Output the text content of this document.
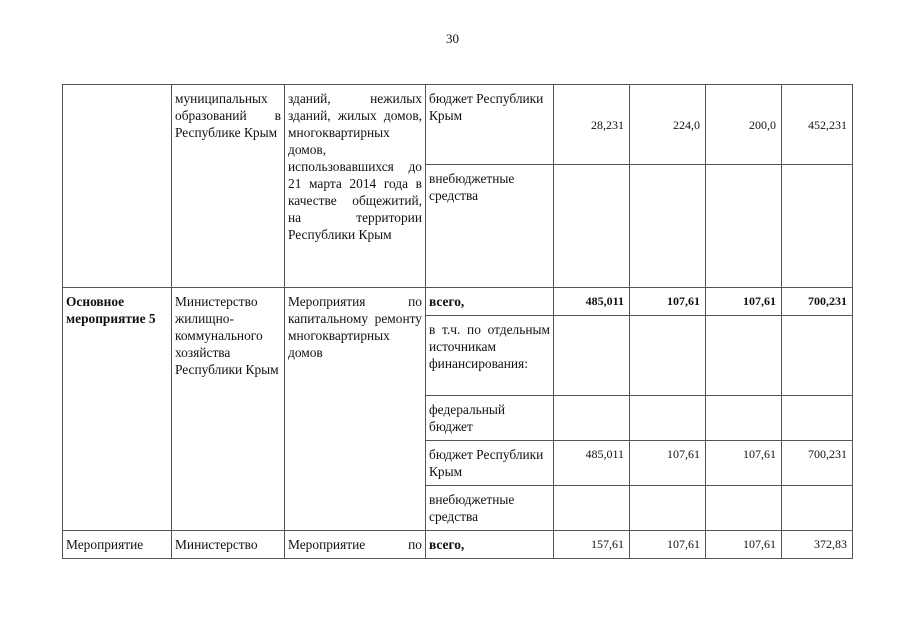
30
	муниципальных образований в Республике Крым	зданий, нежилых зданий, жилых домов, многоквартирных домов, использовавшихся до 21 марта 2014 года в качестве общежитий, на территории Республики Крым	бюджет Республики Крым	28,231	224,0	200,0	452,231
			внебюджетные средства				
Основное мероприятие 5	Министерство жилищно-коммунального хозяйства Республики Крым	Мероприятия по капитальному ремонту многоквартирных домов	всего,	485,011	107,61	107,61	700,231
			в т.ч. по отдельным источникам финансирования:				
			федеральный бюджет				
			бюджет Республики Крым	485,011	107,61	107,61	700,231
			внебюджетные средства				
Мероприятие	Министерство	Мероприятие по	всего,	157,61	107,61	107,61	372,83
